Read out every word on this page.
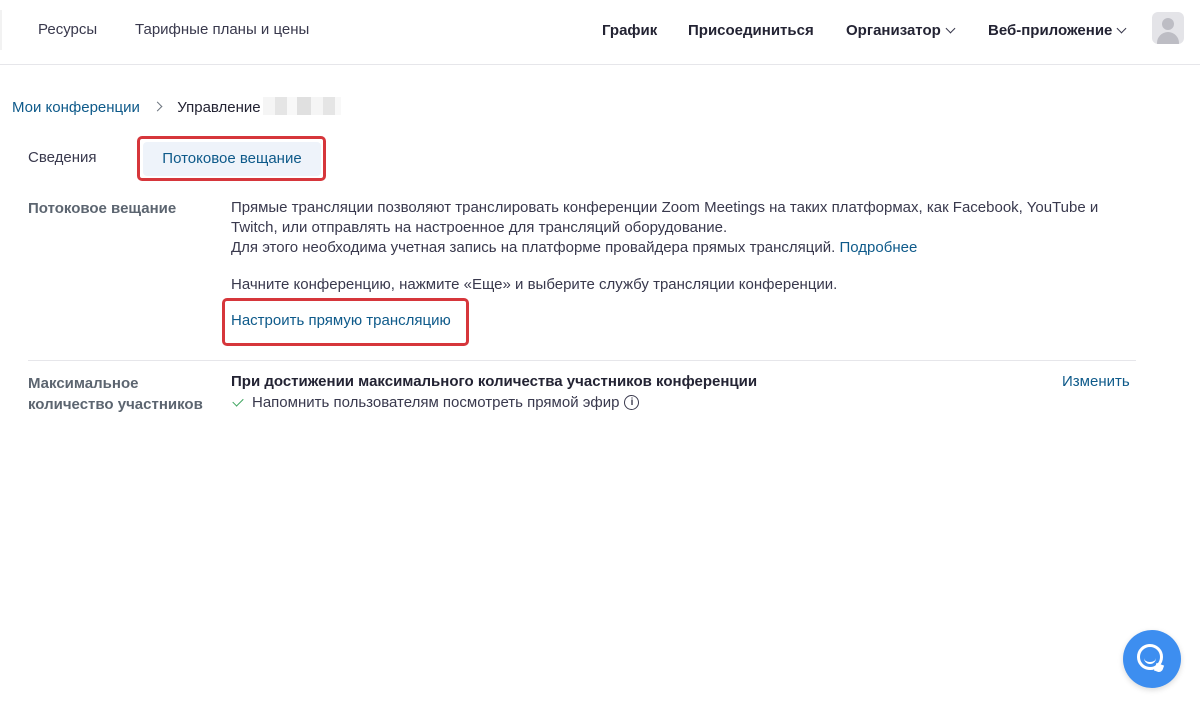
Ресурсы	Тарифные планы и цены	График Присоединиться Организатор	Веб-приложение
Мои конференции Управление
Сведения	Потоковое вещание
Потоковое вещание	Прямые трансляции позволяют транслировать конференции Zoom Meetings на таких платформах, как Facebook, YouTube и Twitch, или отправлять на настроенное для трансляций оборудование.
Для этого необходима учетная запись на платформе провайдера прямых трансляций. Подробнее
Начните конференцию, нажмите «Еще» и выберите службу трансляции конференции.
Настроить прямую трансляцию
Максимальное
количество участников
При достижении максимального количества участников конференции
Напомнить пользователям посмотреть прямой эфир	i
Изменить
